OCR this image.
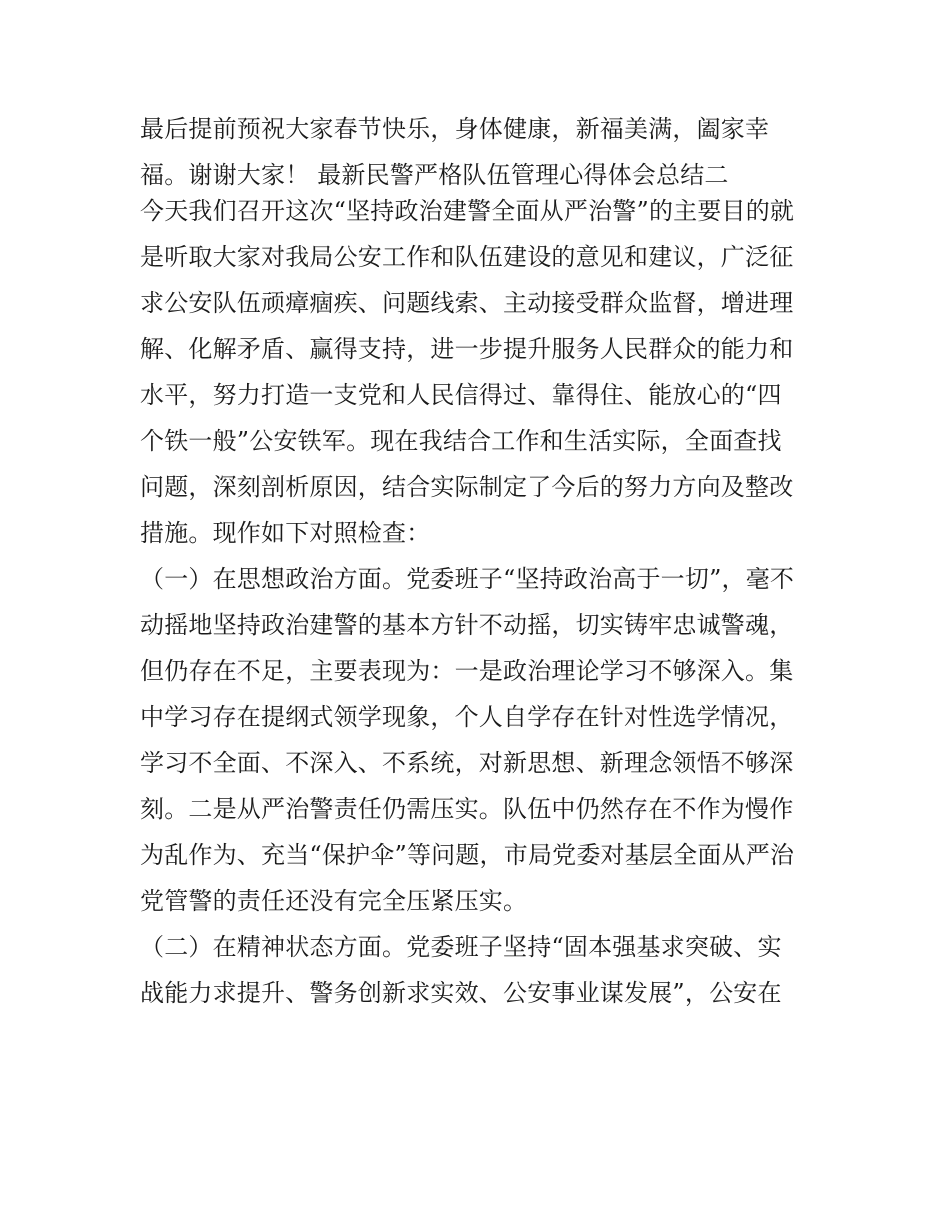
最后提前预祝大家春节快乐，身体健康，新福美满，阖家幸
福。谢谢大家！ 最新民警严格队伍管理心得体会总结二
今天我们召开这次“坚持政治建警全面从严治警”的主要目的就
是听取大家对我局公安工作和队伍建设的意见和建议，广泛征
求公安队伍顽瘴痼疾、问题线索、主动接受群众监督，增进理
解、化解矛盾、赢得支持，进一步提升服务人民群众的能力和
水平，努力打造一支党和人民信得过、靠得住、能放心的“四
个铁一般”公安铁军。现在我结合工作和生活实际，全面查找
问题，深刻剖析原因，结合实际制定了今后的努力方向及整改
措施。现作如下对照检查：
（一）在思想政治方面。党委班子“坚持政治高于一切”，毫不
动摇地坚持政治建警的基本方针不动摇，切实铸牢忠诚警魂，
但仍存在不足，主要表现为：一是政治理论学习不够深入。集
中学习存在提纲式领学现象，个人自学存在针对性选学情况，
学习不全面、不深入、不系统，对新思想、新理念领悟不够深
刻。二是从严治警责任仍需压实。队伍中仍然存在不作为慢作
为乱作为、充当“保护伞”等问题，市局党委对基层全面从严治
党管警的责任还没有完全压紧压实。
（二）在精神状态方面。党委班子坚持“固本强基求突破、实
战能力求提升、警务创新求实效、公安事业谋发展”，公安在
